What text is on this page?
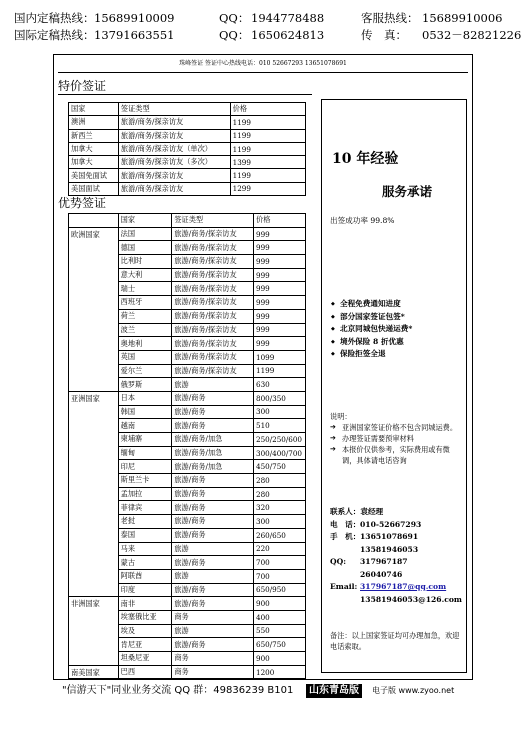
国内定稿热线： 15689910009	QQ： 1944778488	客服热线： 15689910006
国际定稿热线： 13791663551	QQ： 1650624813	传　真： 0532－82821226
珠峰签证 签证中心热线电话：010 52667293 13651078691
特价签证
国家	签证类型	价格
澳洲	旅游/商务/探亲访友	1199
新西兰	旅游/商务/探亲访友	1199
加拿大	旅游/商务/探亲访友（单次）	1199
加拿大	旅游/商务/探亲访友（多次）	1399
美国免面试	旅游/商务/探亲访友	1199
美国面试	旅游/商务/探亲访友	1299
优势签证
	国家	签证类型	价格
欧洲国家	法国	旅游/商务/探亲访友	999
	德国	旅游/商务/探亲访友	999
	比利时	旅游/商务/探亲访友	999
	意大利	旅游/商务/探亲访友	999
	瑞士	旅游/商务/探亲访友	999
	西班牙	旅游/商务/探亲访友	999
	荷兰	旅游/商务/探亲访友	999
	波兰	旅游/商务/探亲访友	999
	奥地利	旅游/商务/探亲访友	999
	英国	旅游/商务/探亲访友	1099
	爱尔兰	旅游/商务/探亲访友	1199
	俄罗斯	旅游	630
亚洲国家	日本	旅游/商务	800/350
	韩国	旅游/商务	300
	越南	旅游/商务	510
	柬埔寨	旅游/商务/加急	250/250/600
	缅甸	旅游/商务/加急	300/400/700
	印尼	旅游/商务/加急	450/750
	斯里兰卡	旅游/商务	280
	孟加拉	旅游/商务	280
	菲律宾	旅游/商务	320
	老挝	旅游/商务	300
	泰国	旅游/商务	260/650
	马来	旅游	220
	蒙古	旅游/商务	700
	阿联酋	旅游	700
	印度	旅游/商务	650/950
非洲国家	南非	旅游/商务	900
	埃塞俄比亚	商务	400
	埃及	旅游	550
	肯尼亚	旅游/商务	650/750
	坦桑尼亚	商务	900
南美国家	巴西	商务	1200
10 年经验
服务承诺
出签成功率 99.8%
◆ 全程免费通知进度
◆ 部分国家签证包签*
◆ 北京同城包快递运费*
◆ 境外保险 8 折优惠
◆ 保险拒签全退
说明：
➔ 亚洲国家签证价格不包含同城运费。
➔ 办理签证需要预审材料
➔ 本报价仅供参考，实际费用或有微调，具体请电话咨询
联系人：袁经理
电　话： 010-52667293
手　机： 13651078691
13581946053
QQ: 317967187
26040746
Email: 317967187@qq.com
13581946053@126.com
备注：以上国家签证均可办理加急，欢迎电话索取。
"信游天下"同业业务交流 QQ 群：49836239 B101	山东青岛版	电子版 www.zyoo.net
